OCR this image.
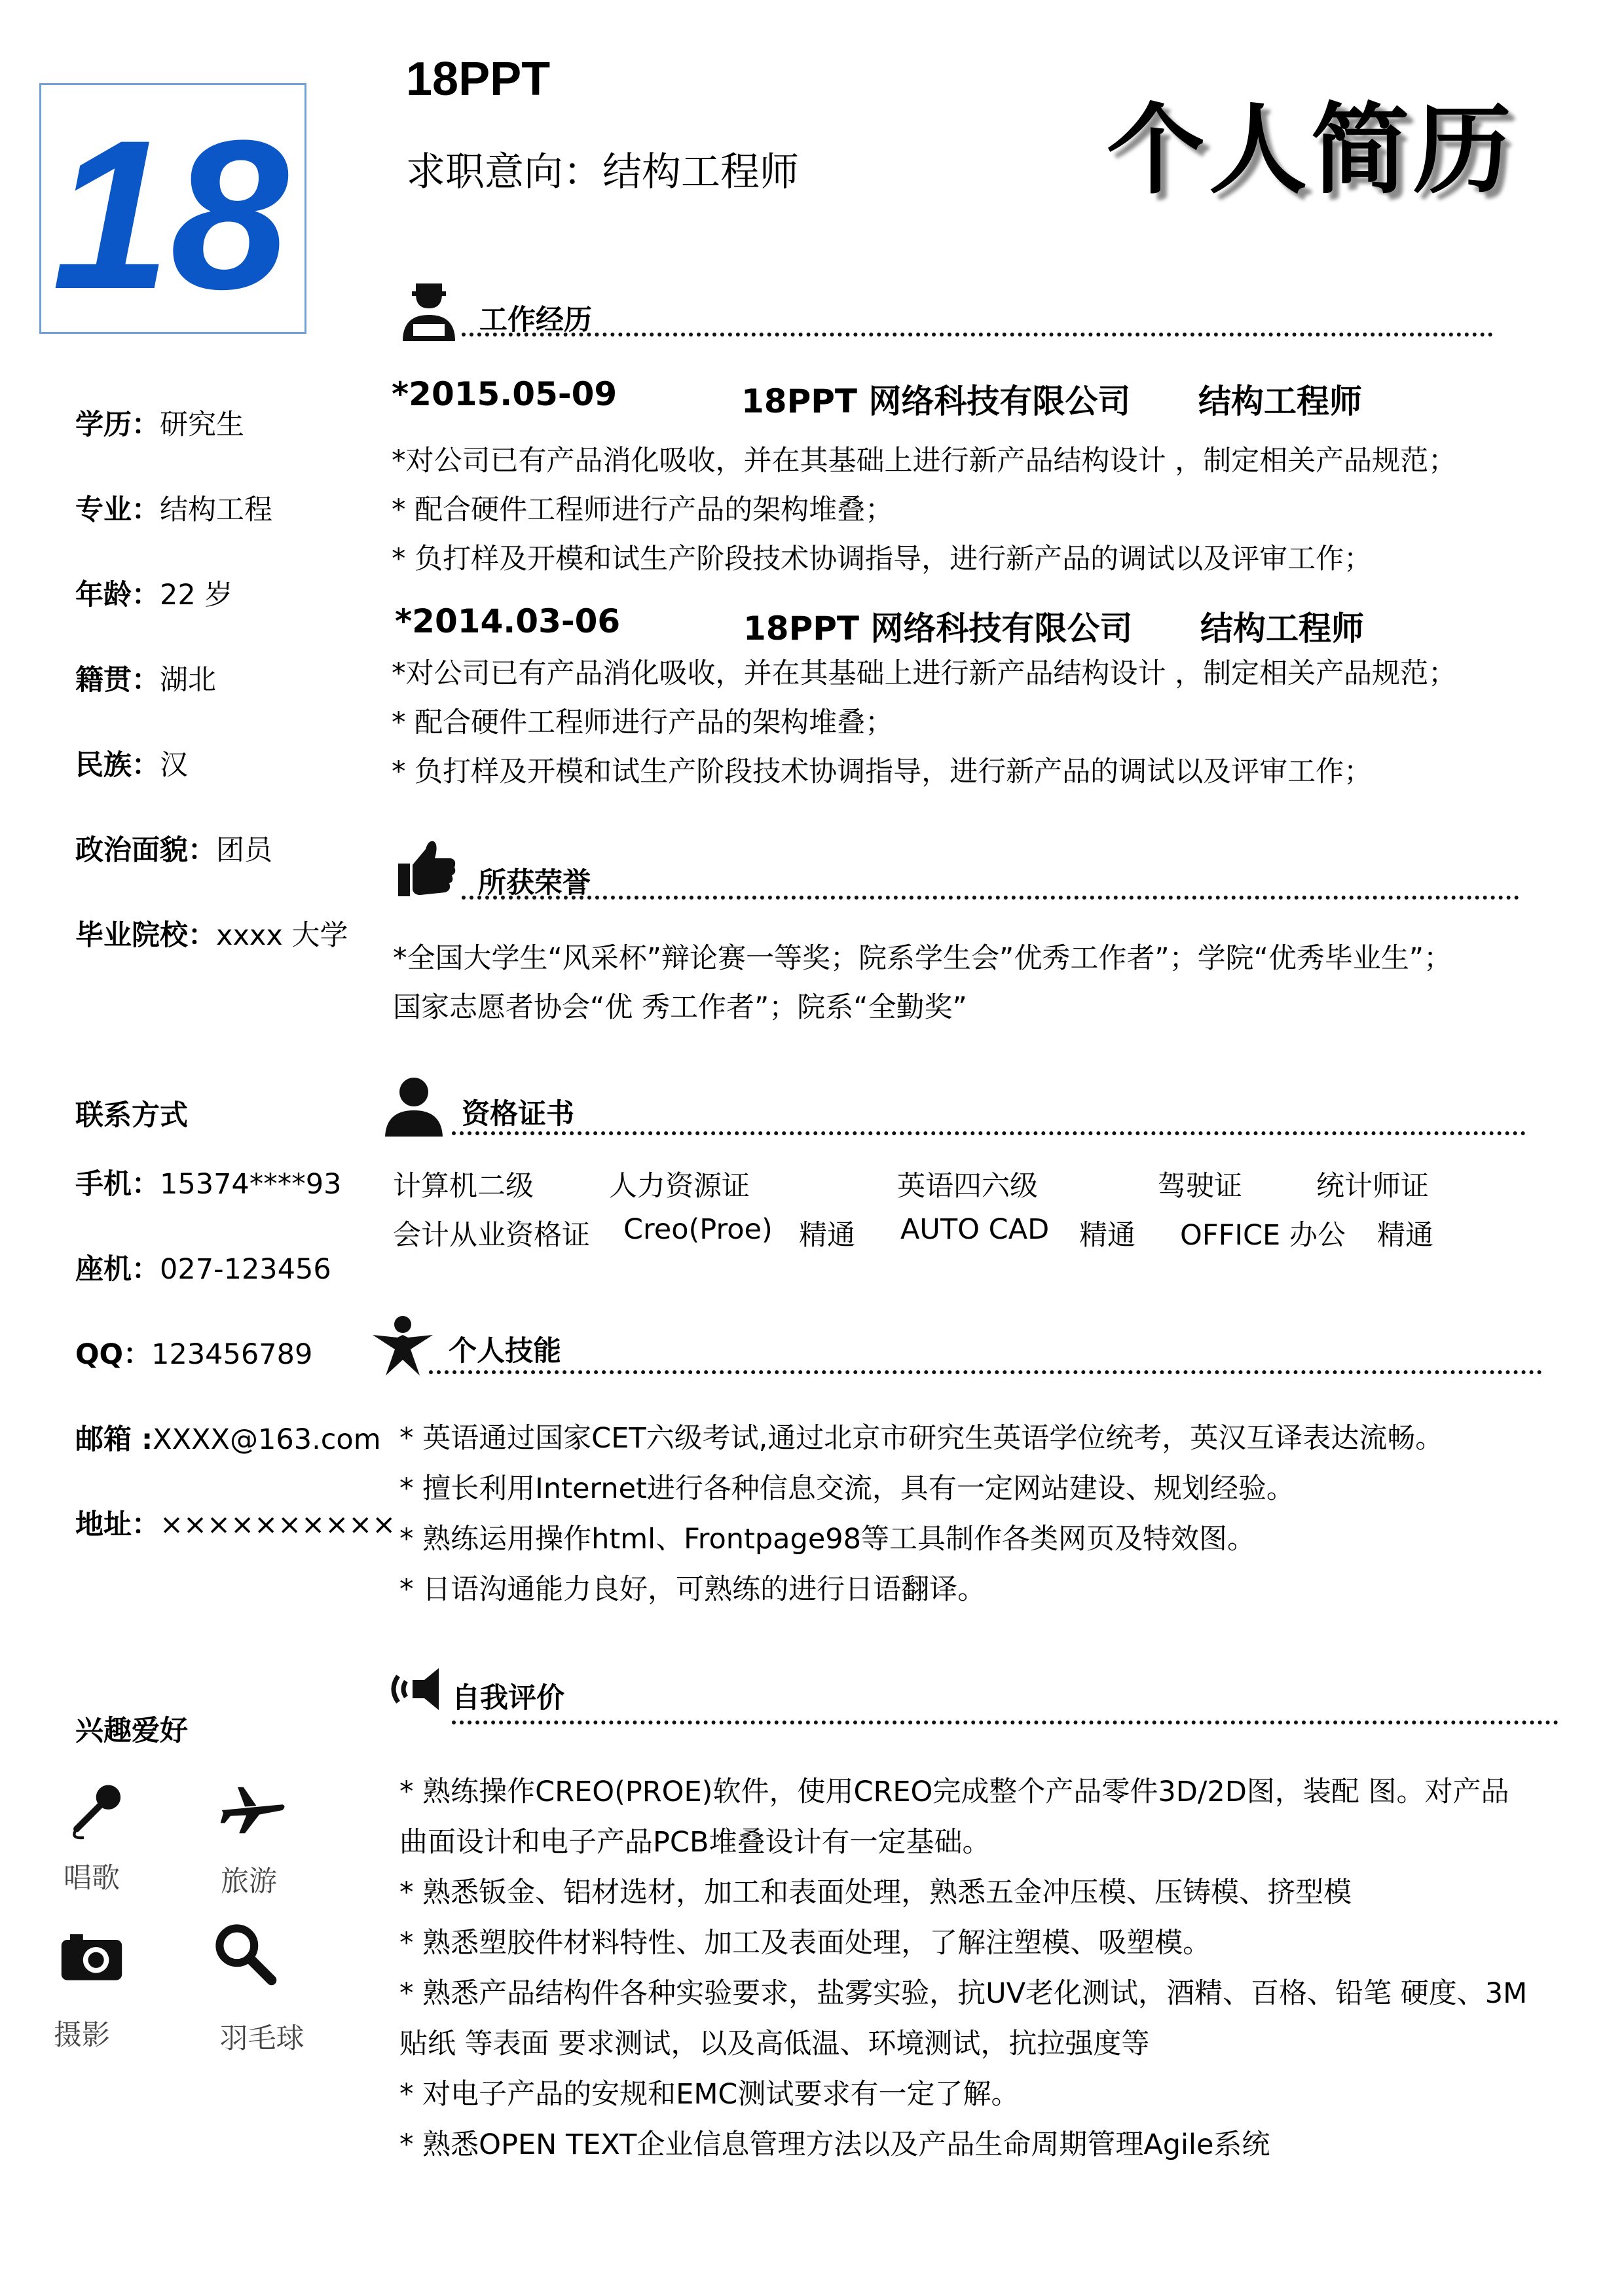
18
18PPT
求职意向：结构工程师	个人简历
学历：研究生
专业：结构工程
年龄：22 岁
籍贯：湖北
民族：汉
政治面貌：团员
毕业院校：xxxx 大学
联系方式
手机：15374****93
座机：027-123456
QQ：123456789
邮箱 :XXXX@163.com
地址：××××××××××
兴趣爱好
唱歌	旅游
摄影	羽毛球
工作经历
*2015.05-09	18PPT 网络科技有限公司 结构工程师
*对公司已有产品消化吸收，并在其基础上进行新产品结构设计 ，制定相关产品规范；
* 配合硬件工程师进行产品的架构堆叠；
* 负打样及开模和试生产阶段技术协调指导，进行新产品的调试以及评审工作；
*2014.03-06	18PPT 网络科技有限公司 结构工程师
*对公司已有产品消化吸收，并在其基础上进行新产品结构设计 ，制定相关产品规范；
* 配合硬件工程师进行产品的架构堆叠；
* 负打样及开模和试生产阶段技术协调指导，进行新产品的调试以及评审工作；
所获荣誉
*全国大学生“风采杯”辩论赛一等奖；院系学生会”优秀工作者”；学院“优秀毕业生”；
国家志愿者协会“优 秀工作者”；院系“全勤奖”
资格证书
计算机二级	人力资源证	英语四六级	驾驶证	统计师证
会计从业资格证 Creo(Proe) 精通 AUTO CAD 精通 OFFICE 办公 精通
个人技能
* 英语通过国家CET六级考试,通过北京市研究生英语学位统考，英汉互译表达流畅。
* 擅长利用Internet进行各种信息交流，具有一定网站建设、规划经验。
* 熟练运用操作html、Frontpage98等工具制作各类网页及特效图。
* 日语沟通能力良好，可熟练的进行日语翻译。
自我评价
* 熟练操作CREO(PROE)软件，使用CREO完成整个产品零件3D/2D图，装配 图。对产品
曲面设计和电子产品PCB堆叠设计有一定基础。
* 熟悉钣金、铝材选材，加工和表面处理，熟悉五金冲压模、压铸模、挤型模
* 熟悉塑胶件材料特性、加工及表面处理，了解注塑模、吸塑模。
* 熟悉产品结构件各种实验要求，盐雾实验，抗UV老化测试，酒精、百格、铅笔 硬度、3M
贴纸 等表面 要求测试，以及高低温、环境测试，抗拉强度等
* 对电子产品的安规和EMC测试要求有一定了解。
* 熟悉OPEN TEXT企业信息管理方法以及产品生命周期管理Agile系统
